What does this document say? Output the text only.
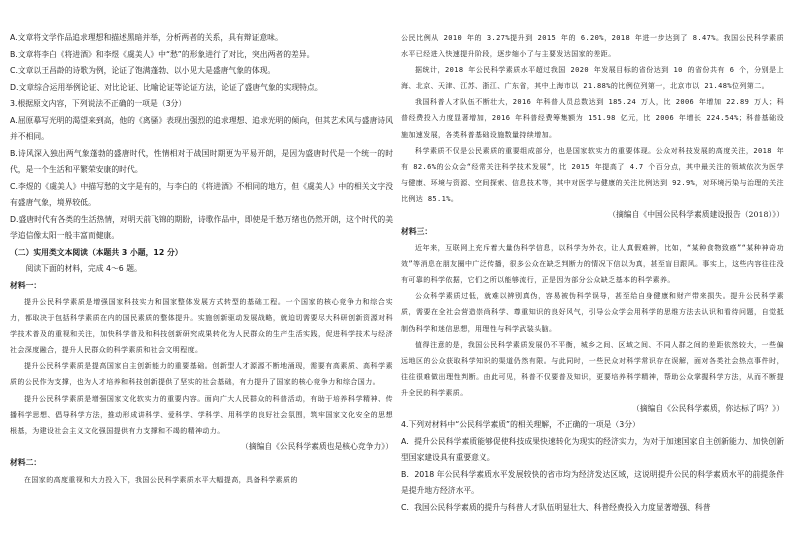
A.文章将文学作品追求理想和描述黑暗并举，分析两者的关系，具有辩证意味。

B.文章将李白《将进酒》和李煜《虞美人》中“愁”的形象进行了对比，突出两者的差异。

C.文章以王昌龄的诗歌为例，论证了饱满蓬勃、以小见大是盛唐气象的体现。

D.文章综合运用举例论证、对比论证、比喻论证等论证方法，论证了盛唐气象的实现特点。

3.根据原文内容，下列说法不正确的一项是（3分）

A.屈原摹写光明的渴望来到高，他的《离骚》表现出强烈的追求理想、追求光明的倾向，但其艺术风与盛唐诗风并不相同。

B.诗风深入独出两气象蓬勃的盛唐时代，性情相对于战国时期更为平易开朗，是因为盛唐时代是一个统一的时代，是一个生活和平繁荣安康的时代。

C.李煜的《虞美人》中描写愁的文字是有的，与李白的《将进酒》不相同的地方，但《虞美人》中的相关文字没有盛唐气象，境界较低。

D.盛唐时代有各类的生活热情，对明天前飞锦的期盼，诗歌作品中，即使是千愁万绪也仍然开朗，这个时代的美学追信像太阳一般丰富而健康。

（二）实用类文本阅读（本题共 3 小题，12 分）

阅读下面的材料，完成 4～6 题。

材料一：

提升公民科学素质是增强国家科技实力和国家整体发展方式转型的基础工程。一个国家的核心竞争力和综合实力，都取决于包括科学素质在内的国民素质的整体提升。实施创新驱动发展战略，就迫切需要尽大科研创新资源对科学技术普及的重视和关注，加快科学普及和科技创新研究成果转化为人民群众的生产生活实践，促进科学技术与经济社会深度融合，提升人民群众的科学素质和社会文明程度。

提升公民科学素质是提高国家自主创新能力的重要基础。创新型人才源源不断地涌现，需要有高素质、高科学素质的公民作为支撑，也为人才培养和科技创新提供了坚实的社会基础，有力提升了国家的核心竞争力和综合国力。

提升公民科学素质是增强国家文化软实力的重要内容。面向广大人民群众的科普活动，有助于培养科学精神、传播科学思想、倡导科学方法，推动形成讲科学、爱科学、学科学、用科学的良好社会氛围，筑牢国家文化安全的思想根基，为建设社会主义文化强国提供有力支撑和不竭的精神动力。

（摘编自《公民科学素质也是核心竞争力》）

材料二：

在国家的高度重视和大力投入下，我国公民科学素质水平大幅提高，具备科学素质的

公民比例从 2010 年的 3.27%提升到 2015 年的 6.20%，2018 年进一步达到了 8.47%。我国公民科学素质水平已经进入快速提升阶段，逐步缩小了与主要发达国家的差距。

据统计，2018 年公民科学素质水平超过我国 2020 年发展目标的省份达到 10 的省份共有 6 个，分别是上海、北京、天津、江苏、浙江、广东省，其中上海市以 21.88%的比例位列第一，北京市以 21.48%位列第二。

我国科普人才队伍不断壮大，2016 年科普人员总数达到 185.24 万人，比 2006 年增加 22.89 万人；科普经费投入力度显著增加，2016 年科普经费筹集额为 151.98 亿元，比 2006 年增长 224.54%；科普基础设施加速发展，各类科普基础设施数量持续增加。

科学素质不仅是公民素质的重要组成部分，也是国家软实力的重要体现。公众对科技发展的高度关注，2018 年有 82.6%的公众会“经常关注科学技术发展”，比 2015 年提高了 4.7 个百分点，其中最关注的领域依次为医学与健康、环境与资源、空间探索、信息技术等，其中对医学与健康的关注比例达到 92.9%，对环境污染与治理的关注比例达 85.1%。

（摘编自《中国公民科学素质建设报告（2018）》）

材料三：

近年来，互联网上充斥着大量伪科学信息，以科学为外衣，让人真假难辨，比如，“某种食物致癌”“某种神奇功效”等消息在朋友圈中广泛传播，很多公众在缺乏判断力的情况下信以为真，甚至盲目跟风。事实上，这些内容往往没有可靠的科学依据，它们之所以能够流行，正是因为部分公众缺乏基本的科学素养。

公众科学素质过低，就难以辨别真伪，容易被伪科学误导，甚至给自身健康和财产带来损失。提升公民科学素质，需要在全社会营造崇尚科学、尊重知识的良好风气，引导公众学会用科学的思维方法去认识和看待问题，自觉抵制伪科学和迷信思想，用理性与科学武装头脑。

值得注意的是，我国公民科学素质发展仍不平衡，城乡之间、区域之间、不同人群之间的差距依然较大，一些偏远地区的公众获取科学知识的渠道仍然有限。与此同时，一些民众对科学常识存在误解，面对各类社会热点事件时，往往很难做出理性判断。由此可见，科普不仅要普及知识，更要培养科学精神，帮助公众掌握科学方法，从而不断提升全民的科学素质。

（摘编自《公民科学素质，你达标了吗？》）

4.下列对材料中“公民科学素质”的相关理解，不正确的一项是（3分）

A．提升公民科学素质能够促使科技成果快速转化为现实的经济实力，为对于加速国家自主创新能力、加快创新型国家建设具有重要意义。

B．2018 年公民科学素质水平发展较快的省市均为经济发达区域，这说明提升公民的科学素质水平的前提条件是提升地方经济水平。

C．我国公民科学素质的提升与科普人才队伍明显壮大、科普经费投入力度显著增强、科普
